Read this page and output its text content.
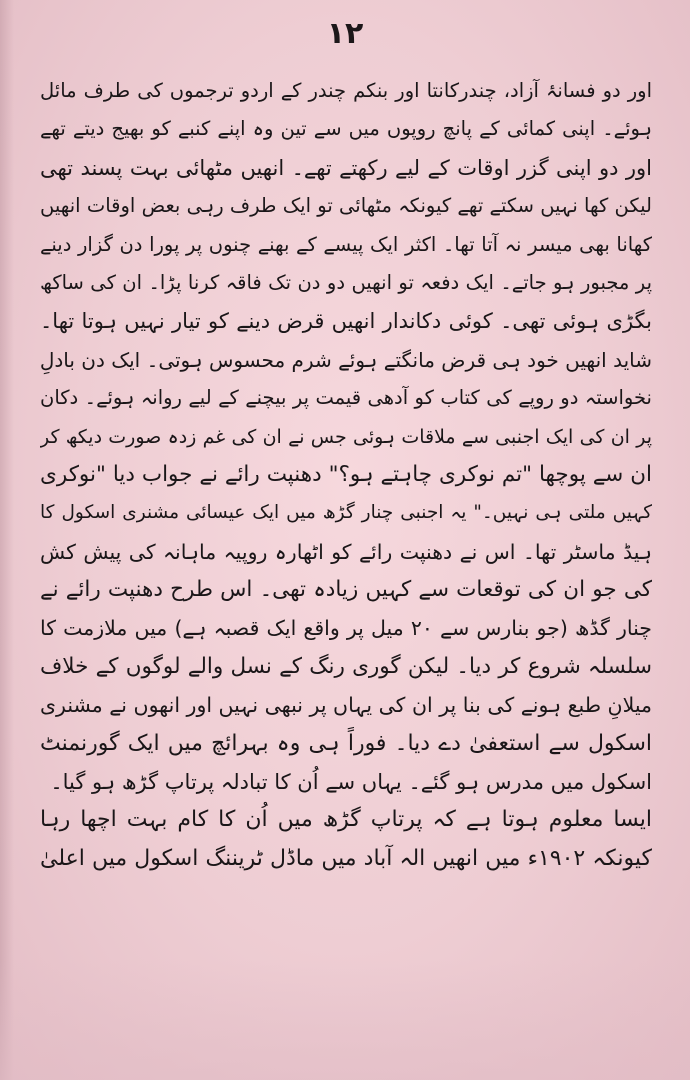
۱۲
اور دو فسانۂ آزاد، چندرکانتا اور بنکم چندر کے اردو ترجموں کی طرف مائل
ہوئے۔ اپنی کمائی کے پانچ روپوں میں سے تین وہ اپنے کنبے کو بھیج دیتے تھے
اور دو اپنی گزر اوقات کے لیے رکھتے تھے۔ انھیں مٹھائی بہت پسند تھی
لیکن کھا نہیں سکتے تھے کیونکہ مٹھائی تو ایک طرف رہی بعض اوقات انھیں
کھانا بھی میسر نہ آتا تھا۔ اکثر ایک پیسے کے بھنے چنوں پر پورا دن گزار دینے
پر مجبور ہو جاتے۔ ایک دفعہ تو انھیں دو دن تک فاقہ کرنا پڑا۔ ان کی ساکھ
بگڑی ہوئی تھی۔ کوئی دکاندار انھیں قرض دینے کو تیار نہیں ہوتا تھا۔
شاید انھیں خود ہی قرض مانگتے ہوئے شرم محسوس ہوتی۔ ایک دن بادلِ
نخواستہ دو روپے کی کتاب کو آدھی قیمت پر بیچنے کے لیے روانہ ہوئے۔ دکان
پر ان کی ایک اجنبی سے ملاقات ہوئی جس نے ان کی غم زدہ صورت دیکھ کر
ان سے پوچھا "تم نوکری چاہتے ہو؟" دھنپت رائے نے جواب دیا "نوکری
کہیں ملتی ہی نہیں۔" یہ اجنبی چنار گڑھ میں ایک عیسائی مشنری اسکول کا
ہیڈ ماسٹر تھا۔ اس نے دھنپت رائے کو اٹھارہ روپیہ ماہانہ کی پیش کش
کی جو ان کی توقعات سے کہیں زیادہ تھی۔ اس طرح دھنپت رائے نے
چنار گڈھ (جو بنارس سے ۲۰ میل پر واقع ایک قصبہ ہے) میں ملازمت کا
سلسلہ شروع کر دیا۔ لیکن گوری رنگ کے نسل والے لوگوں کے خلاف
میلانِ طبع ہونے کی بنا پر ان کی یہاں پر نبھی نہیں اور انھوں نے مشنری
اسکول سے استعفیٰ دے دیا۔ فوراً ہی وہ بہرائچ میں ایک گورنمنٹ
اسکول میں مدرس ہو گئے۔ یہاں سے اُن کا تبادلہ پرتاپ گڑھ ہو گیا۔
ایسا معلوم ہوتا ہے کہ پرتاپ گڑھ میں اُن کا کام بہت اچھا رہا
کیونکہ ۱۹۰۲ء میں انھیں الہ آباد میں ماڈل ٹریننگ اسکول میں اعلیٰ
